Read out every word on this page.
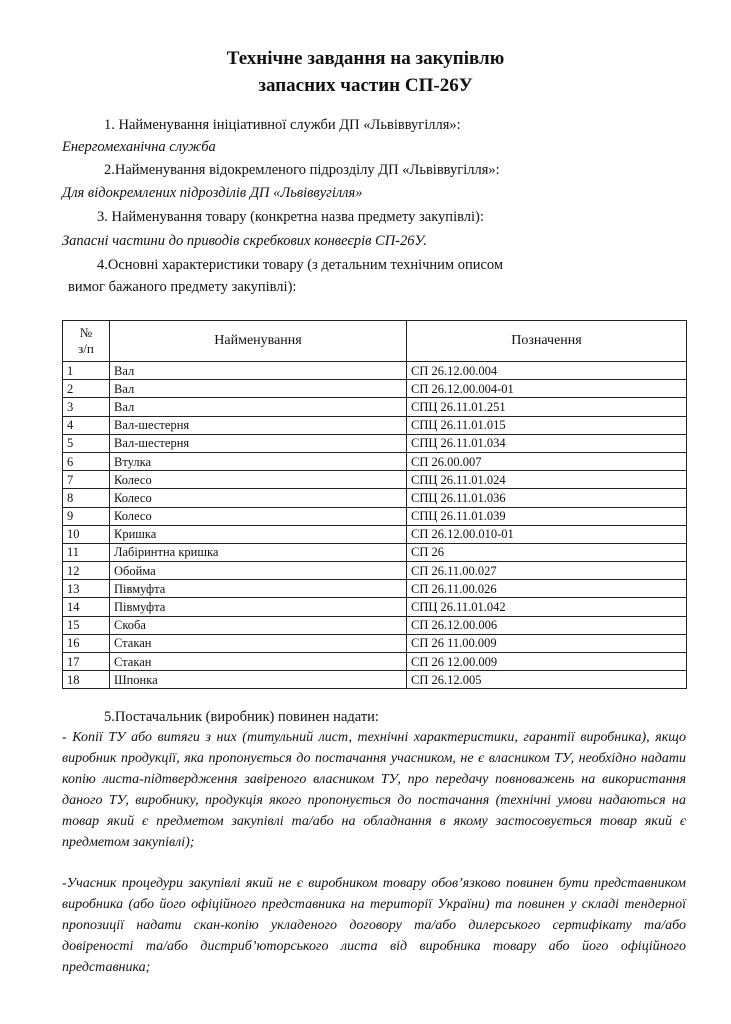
Технічне завдання на закупівлю
запасних частин СП-26У
1. Найменування ініціативної служби ДП «Львіввугілля»:
Енергомеханічна служба
2.Найменування відокремленого підрозділу ДП «Львіввугілля»:
Для відокремлених підрозділів ДП «Львіввугілля»
3. Найменування товару (конкретна назва предмету закупівлі):
Запасні частини до приводів скребкових конвеєрів СП-26У.
4.Основні характеристики товару (з детальним технічним описом
вимог бажаного предмету закупівлі):
№
з/п	Найменування	Позначення
1	Вал	СП 26.12.00.004
2	Вал	СП 26.12.00.004-01
3	Вал	СПЦ 26.11.01.251
4	Вал-шестерня	СПЦ 26.11.01.015
5	Вал-шестерня	СПЦ 26.11.01.034
6	Втулка	СП 26.00.007
7	Колесо	СПЦ 26.11.01.024
8	Колесо	СПЦ 26.11.01.036
9	Колесо	СПЦ 26.11.01.039
10	Кришка	СП 26.12.00.010-01
11	Лабіринтна кришка	СП 26
12	Обойма	СП 26.11.00.027
13	Півмуфта	СП 26.11.00.026
14	Півмуфта	СПЦ 26.11.01.042
15	Скоба	СП 26.12.00.006
16	Стакан	СП 26 11.00.009
17	Стакан	СП 26 12.00.009
18	Шпонка	СП 26.12.005
5.Постачальник (виробник) повинен надати:

- Копії ТУ або витяги з них (титульний лист, технічні характеристики, гарантії виробника), якщо виробник продукції, яка пропонується до постачання учасником, не є власником ТУ, необхідно надати копію листа-підтвердження завіреного власником ТУ, про передачу повноважень на використання даного ТУ, виробнику, продукція якого пропонується до постачання (технічні умови надаються на товар який є предметом закупівлі та/або на обладнання в якому застосовується товар який є предметом закупівлі);

-Учасник процедури закупівлі який не є виробником товару обов’язково повинен бути представником виробника (або його офіційного представника на території України) та повинен у складі тендерної пропозиції надати скан-копію укладеного договору та/або дилерського сертифікату та/або довіреності та/або дистриб’юторського листа від виробника товару або його офіційного представника;
